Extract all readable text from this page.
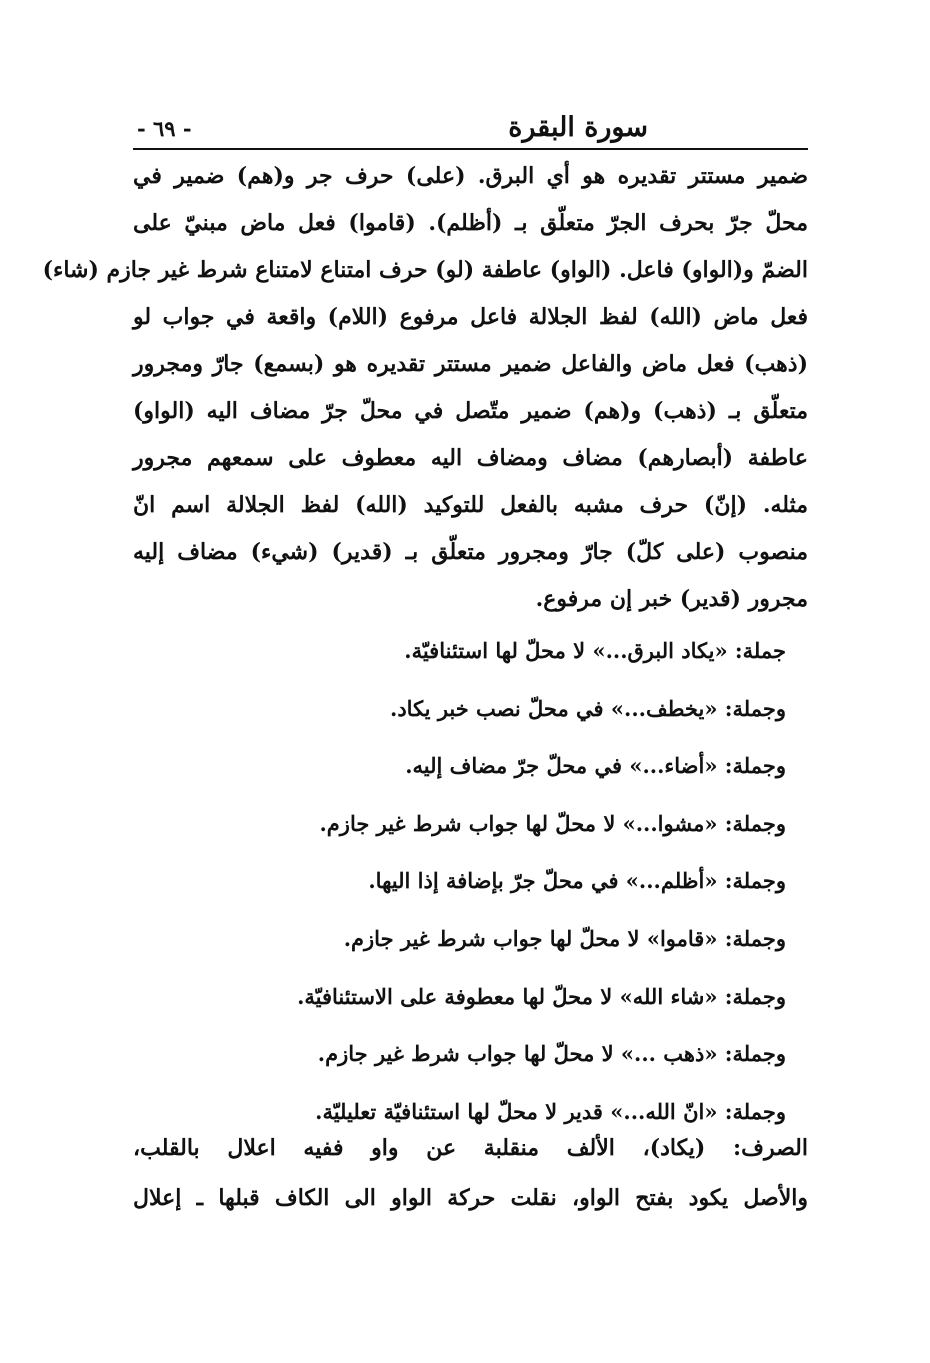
سورة البقرة
- ٦٩ -
ضمير مستتر تقديره هو أي البرق. (على) حرف جر و(هم) ضمير في
محلّ جرّ بحرف الجرّ متعلّق بـ (أظلم). (قاموا) فعل ماض مبنيّ على
الضمّ و(الواو) فاعل. (الواو) عاطفة (لو) حرف امتناع لامتناع شرط غير جازم (شاء)
فعل ماض (الله) لفظ الجلالة فاعل مرفوع (اللام) واقعة في جواب لو
(ذهب) فعل ماض والفاعل ضمير مستتر تقديره هو (بسمع) جارّ ومجرور
متعلّق بـ (ذهب) و(هم) ضمير متّصل في محلّ جرّ مضاف اليه (الواو)
عاطفة (أبصارهم) مضاف ومضاف اليه معطوف على سمعهم مجرور
مثله. (إنّ) حرف مشبه بالفعل للتوكيد (الله) لفظ الجلالة اسم انّ
منصوب (على كلّ) جارّ ومجرور متعلّق بـ (قدير) (شيء) مضاف إليه
مجرور (قدير) خبر إن مرفوع.
جملة: «يكاد البرق...» لا محلّ لها استئنافيّة.
وجملة: «يخطف...» في محلّ نصب خبر يكاد.
وجملة: «أضاء...» في محلّ جرّ مضاف إليه.
وجملة: «مشوا...» لا محلّ لها جواب شرط غير جازم.
وجملة: «أظلم...» في محلّ جرّ بإضافة إذا اليها.
وجملة: «قاموا» لا محلّ لها جواب شرط غير جازم.
وجملة: «شاء الله» لا محلّ لها معطوفة على الاستئنافيّة.
وجملة: «ذهب ...» لا محلّ لها جواب شرط غير جازم.
وجملة: «انّ الله...» قدير لا محلّ لها استئنافيّة تعليليّة.
الصرف: (يكاد)، الألف منقلبة عن واو ففيه اعلال بالقلب،
والأصل يكود بفتح الواو، نقلت حركة الواو الى الكاف قبلها ـ إعلال
